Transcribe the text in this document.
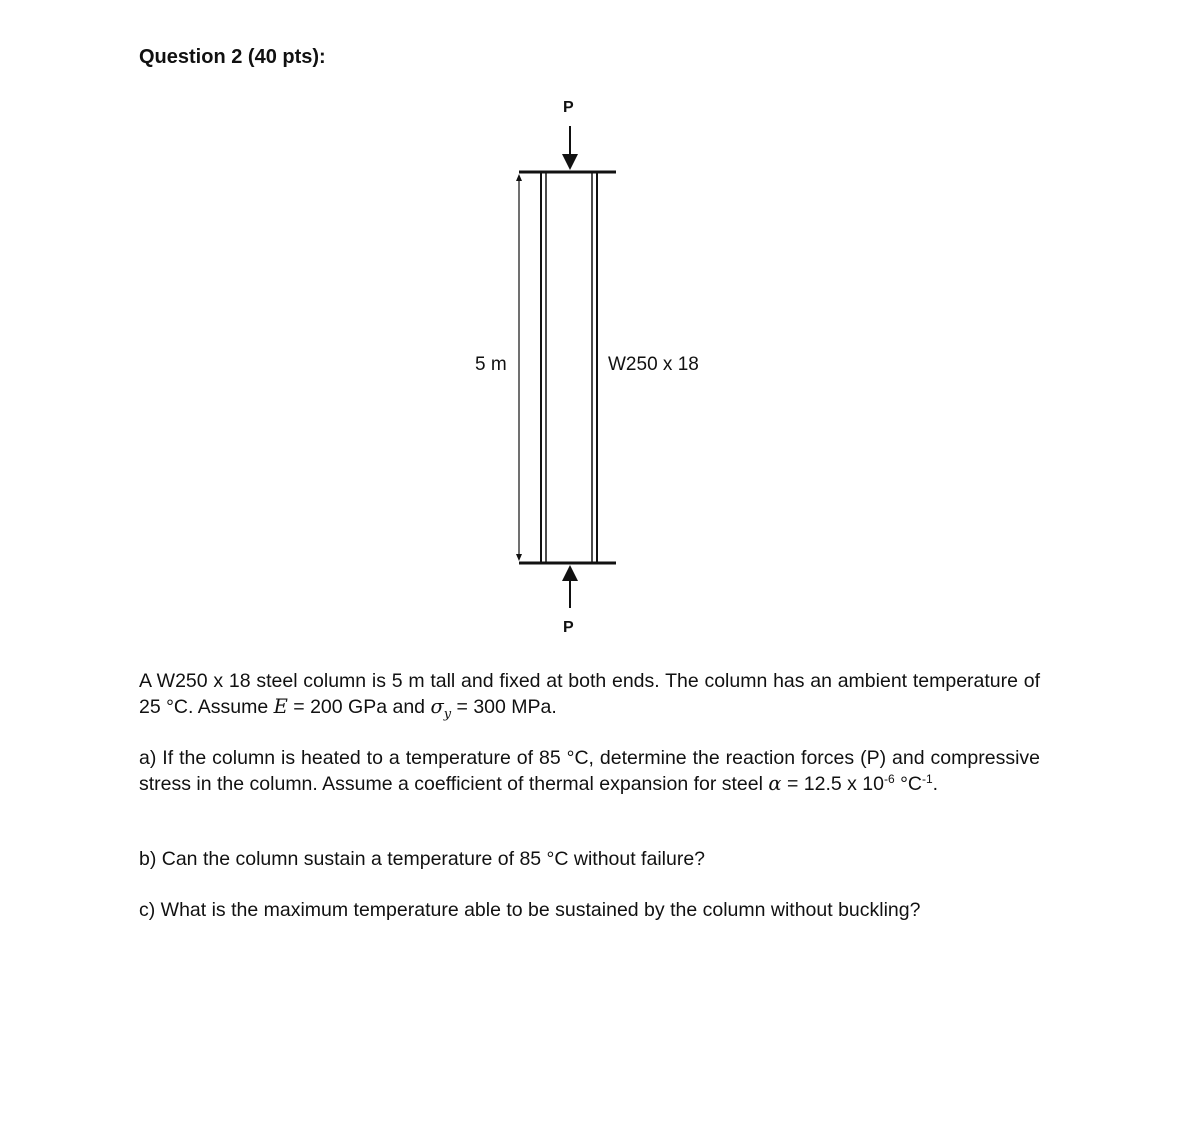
Question 2 (40 pts):
P
P
5 m	W250 x 18
A W250 x 18 steel column is 5 m tall and fixed at both ends. The column has an ambient temperature of 25 °C. Assume E = 200 GPa and $\sigma_y = 300$ MPa.
a) If the column is heated to a temperature of 85 °C, determine the reaction forces (P) and compressive stress in the column. Assume a coefficient of thermal expansion for steel α = 12.5 x $10^{-6}$ $^\circ C^{-1}$.
b) Can the column sustain a temperature of 85 °C without failure?
c) What is the maximum temperature able to be sustained by the column without buckling?
